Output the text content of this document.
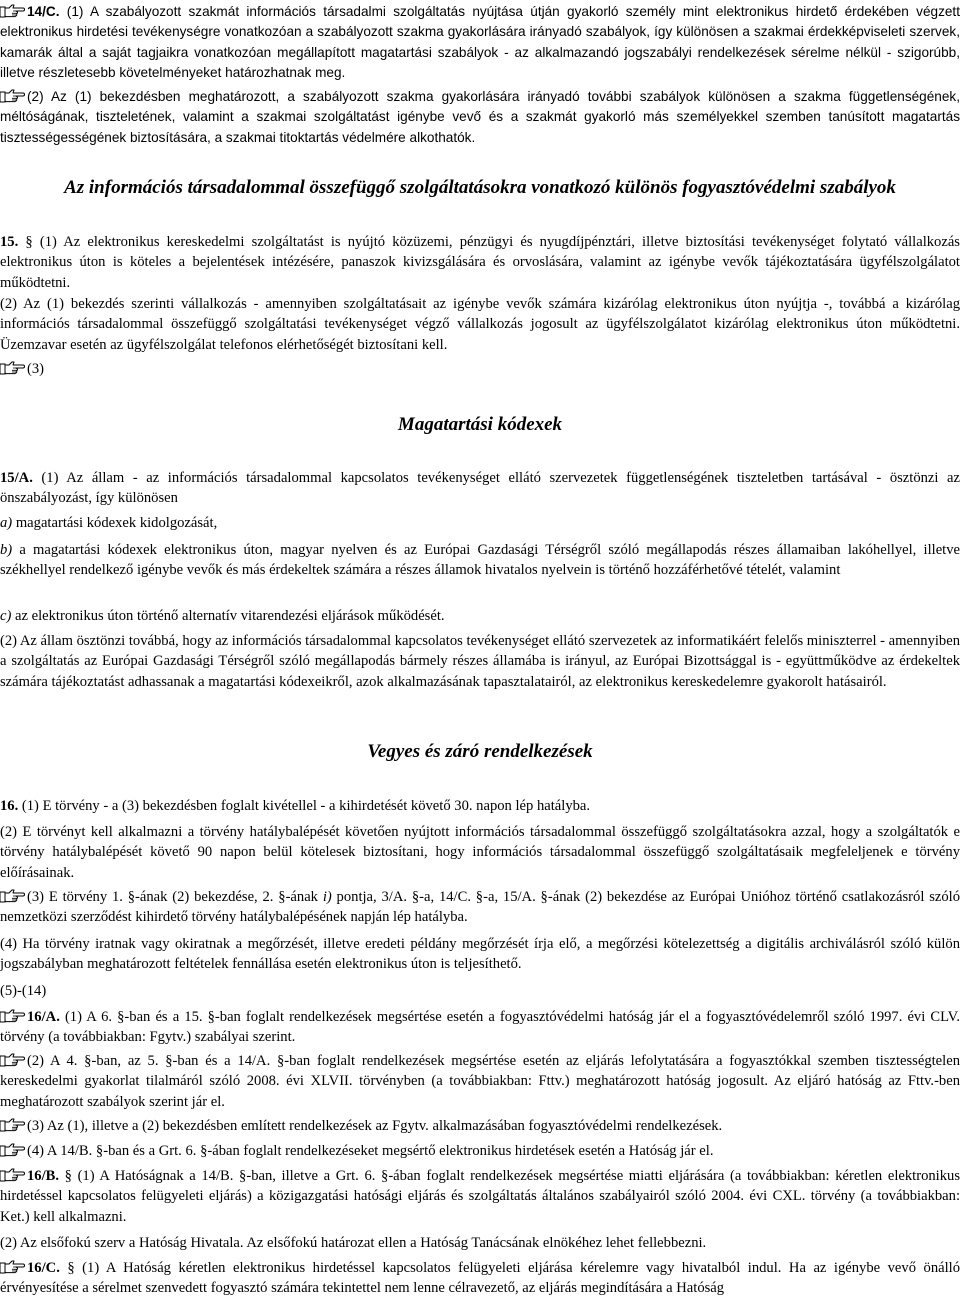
14/C. (1) A szabályozott szakmát információs társadalmi szolgáltatás nyújtása útján gyakorló személy mint elektronikus hirdető érdekében végzett elektronikus hirdetési tevékenységre vonatkozóan a szabályozott szakma gyakorlására irányadó szabályok, így különösen a szakmai érdekképviseleti szervek, kamarák által a saját tagjaikra vonatkozóan megállapított magatartási szabályok - az alkalmazandó jogszabályi rendelkezések sérelme nélkül - szigorúbb, illetve részletesebb követelményeket határozhatnak meg.

(2) Az (1) bekezdésben meghatározott, a szabályozott szakma gyakorlására irányadó további szabályok különösen a szakma függetlenségének, méltóságának, tiszteletének, valamint a szakmai szolgáltatást igénybe vevő és a szakmát gyakorló más személyekkel szemben tanúsított magatartás tisztességességének biztosítására, a szakmai titoktartás védelmére alkothatók.

Az információs társadalommal összefüggő szolgáltatásokra vonatkozó különös fogyasztóvédelmi szabályok

15. § (1) Az elektronikus kereskedelmi szolgáltatást is nyújtó közüzemi, pénzügyi és nyugdíjpénztári, illetve biztosítási tevékenységet folytató vállalkozás elektronikus úton is köteles a bejelentések intézésére, panaszok kivizsgálására és orvoslására, valamint az igénybe vevők tájékoztatására ügyfélszolgálatot működtetni.

(2) Az (1) bekezdés szerinti vállalkozás - amennyiben szolgáltatásait az igénybe vevők számára kizárólag elektronikus úton nyújtja -, továbbá a kizárólag információs társadalommal összefüggő szolgáltatási tevékenységet végző vállalkozás jogosult az ügyfélszolgálatot kizárólag elektronikus úton működtetni. Üzemzavar esetén az ügyfélszolgálat telefonos elérhetőségét biztosítani kell.

(3)

Magatartási kódexek

15/A. (1) Az állam - az információs társadalommal kapcsolatos tevékenységet ellátó szervezetek függetlenségének tiszteletben tartásával - ösztönzi az önszabályozást, így különösen

a) magatartási kódexek kidolgozását,

b) a magatartási kódexek elektronikus úton, magyar nyelven és az Európai Gazdasági Térségről szóló megállapodás részes államaiban lakóhellyel, illetve székhellyel rendelkező igénybe vevők és más érdekeltek számára a részes államok hivatalos nyelvein is történő hozzáférhetővé tételét, valamint

c) az elektronikus úton történő alternatív vitarendezési eljárások működését.

(2) Az állam ösztönzi továbbá, hogy az információs társadalommal kapcsolatos tevékenységet ellátó szervezetek az informatikáért felelős miniszterrel - amennyiben a szolgáltatás az Európai Gazdasági Térségről szóló megállapodás bármely részes államába is irányul, az Európai Bizottsággal is - együttműködve az érdekeltek számára tájékoztatást adhassanak a magatartási kódexeikről, azok alkalmazásának tapasztalatairól, az elektronikus kereskedelemre gyakorolt hatásairól.

Vegyes és záró rendelkezések

16. (1) E törvény - a (3) bekezdésben foglalt kivétellel - a kihirdetését követő 30. napon lép hatályba.

(2) E törvényt kell alkalmazni a törvény hatálybalépését követően nyújtott információs társadalommal összefüggő szolgáltatásokra azzal, hogy a szolgáltatók e törvény hatálybalépését követő 90 napon belül kötelesek biztosítani, hogy információs társadalommal összefüggő szolgáltatásaik megfeleljenek e törvény előírásainak.

(3) E törvény 1. §-ának (2) bekezdése, 2. §-ának i) pontja, 3/A. §-a, 14/C. §-a, 15/A. §-ának (2) bekezdése az Európai Unióhoz történő csatlakozásról szóló nemzetközi szerződést kihirdető törvény hatálybalépésének napján lép hatályba.

(4) Ha törvény iratnak vagy okiratnak a megőrzését, illetve eredeti példány megőrzését írja elő, a megőrzési kötelezettség a digitális archiválásról szóló külön jogszabályban meghatározott feltételek fennállása esetén elektronikus úton is teljesíthető.

(5)-(14)

16/A. (1) A 6. §-ban és a 15. §-ban foglalt rendelkezések megsértése esetén a fogyasztóvédelmi hatóság jár el a fogyasztóvédelemről szóló 1997. évi CLV. törvény (a továbbiakban: Fgytv.) szabályai szerint.

(2) A 4. §-ban, az 5. §-ban és a 14/A. §-ban foglalt rendelkezések megsértése esetén az eljárás lefolytatására a fogyasztókkal szemben tisztességtelen kereskedelmi gyakorlat tilalmáról szóló 2008. évi XLVII. törvényben (a továbbiakban: Fttv.) meghatározott hatóság jogosult. Az eljáró hatóság az Fttv.-ben meghatározott szabályok szerint jár el.

(3) Az (1), illetve a (2) bekezdésben említett rendelkezések az Fgytv. alkalmazásában fogyasztóvédelmi rendelkezések.

(4) A 14/B. §-ban és a Grt. 6. §-ában foglalt rendelkezéseket megsértő elektronikus hirdetések esetén a Hatóság jár el.

16/B. § (1) A Hatóságnak a 14/B. §-ban, illetve a Grt. 6. §-ában foglalt rendelkezések megsértése miatti eljárására (a továbbiakban: kéretlen elektronikus hirdetéssel kapcsolatos felügyeleti eljárás) a közigazgatási hatósági eljárás és szolgáltatás általános szabályairól szóló 2004. évi CXL. törvény (a továbbiakban: Ket.) kell alkalmazni.

(2) Az elsőfokú szerv a Hatóság Hivatala. Az elsőfokú határozat ellen a Hatóság Tanácsának elnökéhez lehet fellebbezni.

16/C. § (1) A Hatóság kéretlen elektronikus hirdetéssel kapcsolatos felügyeleti eljárása kérelemre vagy hivatalból indul. Ha az igénybe vevő önálló érvényesítése a sérelmet szenvedett fogyasztó számára tekintettel nem lenne célravezető, az eljárás megindítására a Hatóság
